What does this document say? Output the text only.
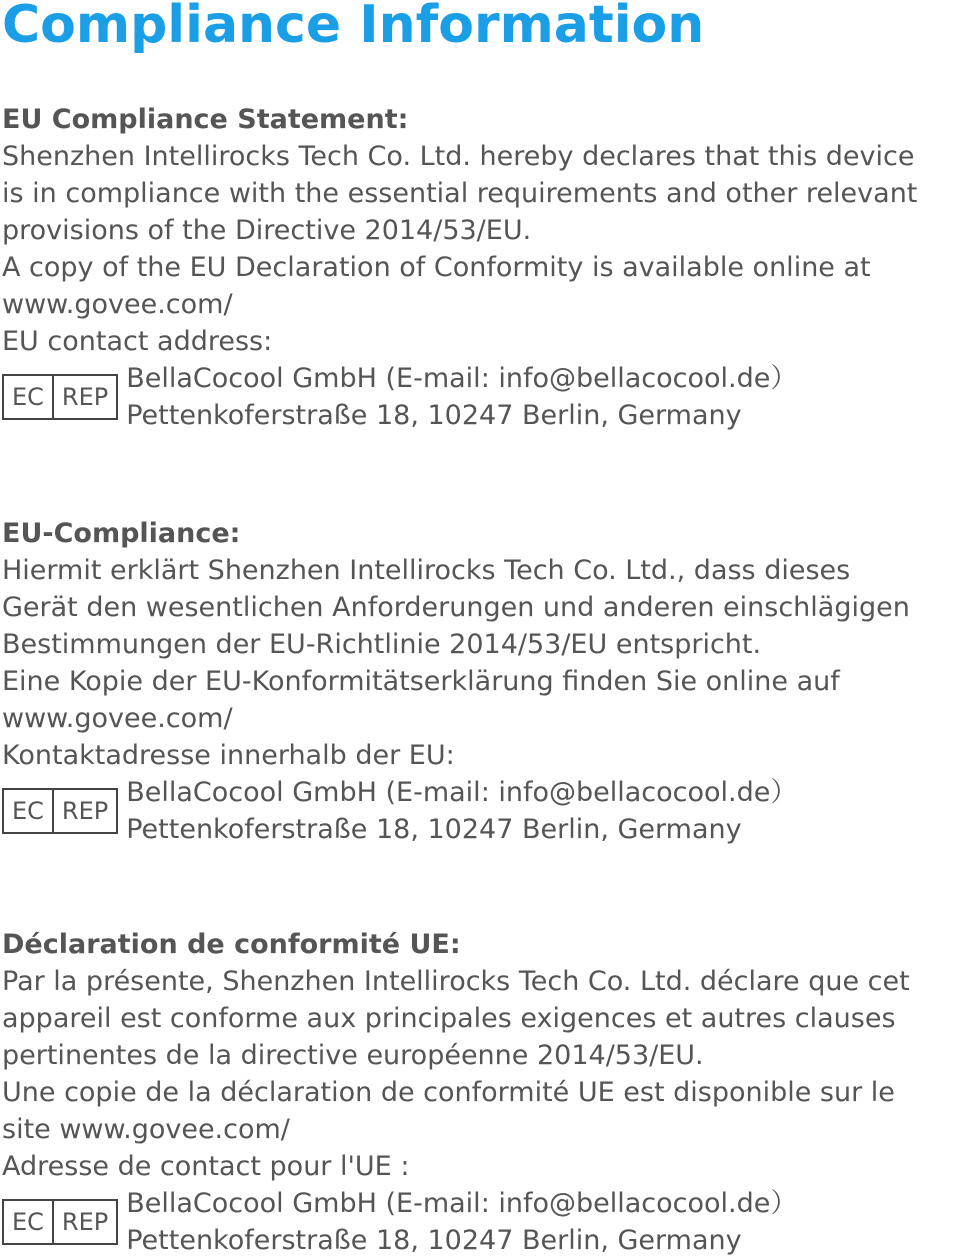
Compliance Information
EU Compliance Statement:
Shenzhen Intellirocks Tech Co. Ltd. hereby declares that this device
is in compliance with the essential requirements and other relevant
provisions of the Directive 2014/53/EU.
A copy of the EU Declaration of Conformity is available online at
www.govee.com/
EU contact address:
EC REP
BellaCocool GmbH (E-mail: info@bellacocool.de）
Pettenkoferstraße 18, 10247 Berlin, Germany
EU-Compliance:
Hiermit erklärt Shenzhen Intellirocks Tech Co. Ltd., dass dieses
Gerät den wesentlichen Anforderungen und anderen einschlägigen
Bestimmungen der EU-Richtlinie 2014/53/EU entspricht.
Eine Kopie der EU-Konformitätserklärung finden Sie online auf
www.govee.com/
Kontaktadresse innerhalb der EU:
EC REP
BellaCocool GmbH (E-mail: info@bellacocool.de）
Pettenkoferstraße 18, 10247 Berlin, Germany
Déclaration de conformité UE:
Par la présente, Shenzhen Intellirocks Tech Co. Ltd. déclare que cet
appareil est conforme aux principales exigences et autres clauses
pertinentes de la directive européenne 2014/53/EU.
Une copie de la déclaration de conformité UE est disponible sur le
site www.govee.com/
Adresse de contact pour l'UE :
EC REP
BellaCocool GmbH (E-mail: info@bellacocool.de）
Pettenkoferstraße 18, 10247 Berlin, Germany
